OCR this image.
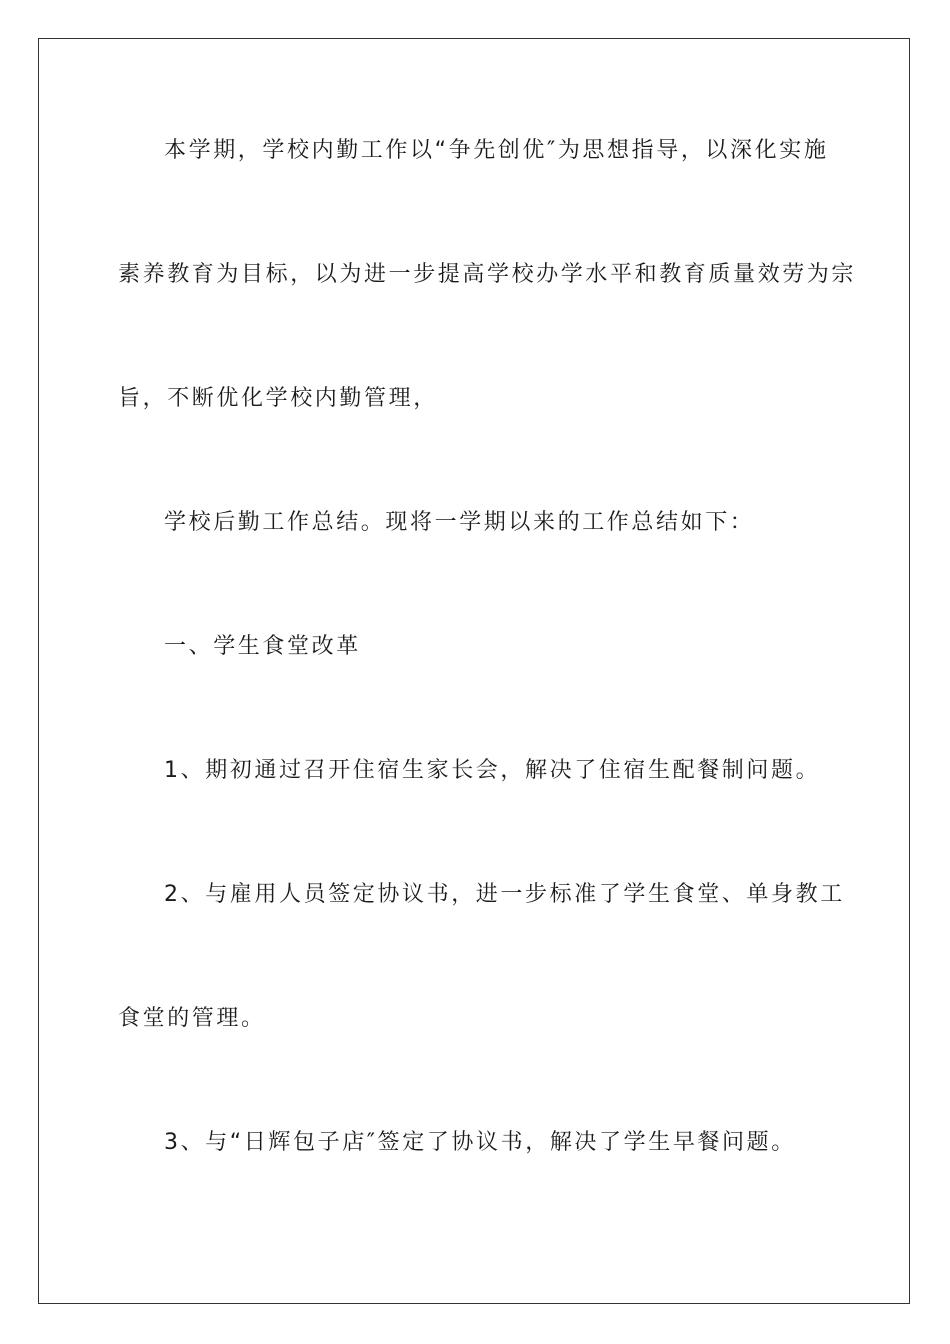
本学期，学校内勤工作以“争先创优″为思想指导，以深化实施
素养教育为目标，以为进一步提高学校办学水平和教育质量效劳为宗
旨，不断优化学校内勤管理，
学校后勤工作总结。现将一学期以来的工作总结如下：
一、学生食堂改革
1、期初通过召开住宿生家长会，解决了住宿生配餐制问题。
2、与雇用人员签定协议书，进一步标准了学生食堂、单身教工
食堂的管理。
3、与“日辉包子店″签定了协议书，解决了学生早餐问题。
